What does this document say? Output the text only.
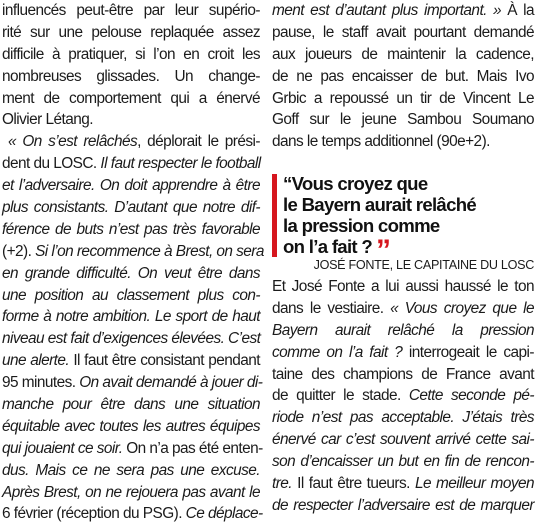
influencés peut-être par leur supério-
rité sur une pelouse replaquée assez
difficile à pratiquer, si l’on en croit les
nombreuses glissades. Un change-
ment de comportement qui a énervé
Olivier Létang.
« On s’est relâchés, déplorait le prési-
dent du LOSC. Il faut respecter le football
et l’adversaire. On doit apprendre à être
plus consistants. D’autant que notre dif-
férence de buts n’est pas très favorable
(+2). Si l’on recommence à Brest, on sera
en grande difficulté. On veut être dans
une position au classement plus con-
forme à notre ambition. Le sport de haut
niveau est fait d’exigences élevées. C’est
une alerte. Il faut être consistant pendant
95 minutes. On avait demandé à jouer di-
manche pour être dans une situation
équitable avec toutes les autres équipes
qui jouaient ce soir. On n’a pas été enten-
dus. Mais ce ne sera pas une excuse.
Après Brest, on ne rejouera pas avant le
6 février (réception du PSG). Ce déplace-
ment est d’autant plus important. » À la
pause, le staff avait pourtant demandé
aux joueurs de maintenir la cadence,
de ne pas encaisser de but. Mais Ivo
Grbic a repoussé un tir de Vincent Le
Goff sur le jeune Sambou Soumano
dans le temps additionnel (90e+2).
“Vous croyez que
le Bayern aurait relâché
la pression comme
on l’a fait ? ”
JOSÉ FONTE, LE CAPITAINE DU LOSC
Et José Fonte a lui aussi haussé le ton
dans le vestiaire. « Vous croyez que le
Bayern aurait relâché la pression
comme on l’a fait ? interrogeait le capi-
taine des champions de France avant
de quitter le stade. Cette seconde pé-
riode n’est pas acceptable. J’étais très
énervé car c’est souvent arrivé cette sai-
son d’encaisser un but en fin de rencon-
tre. Il faut être tueurs. Le meilleur moyen
de respecter l’adversaire est de marquer
